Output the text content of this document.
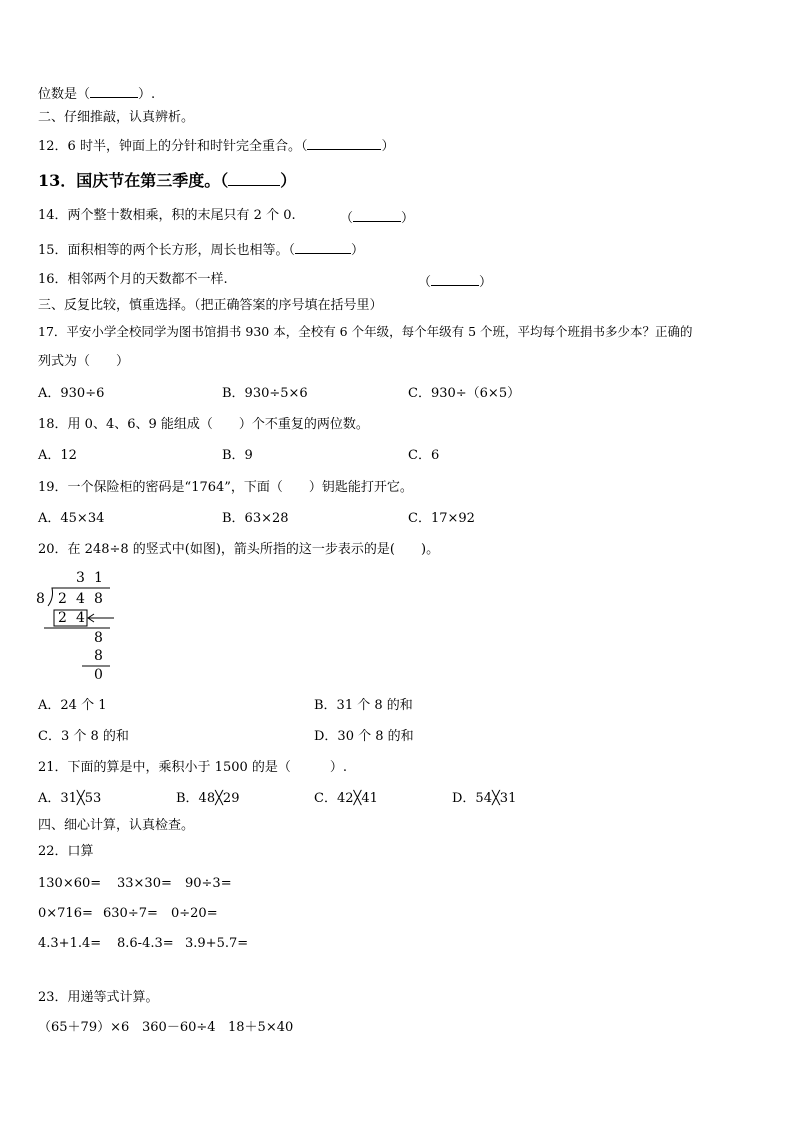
位数是（	）.
二、仔细推敲，认真辨析。
12．6 时半，钟面上的分针和时针完全重合。（	）
13．国庆节在第三季度。（	）
14．两个整十数相乘，积的末尾只有 2 个 0.	（	）
15．面积相等的两个长方形，周长也相等。（	）
16．相邻两个月的天数都不一样.	（	）
三、反复比较，慎重选择。（把正确答案的序号填在括号里）
17．平安小学全校同学为图书馆捐书 930 本，全校有 6 个年级，每个年级有 5 个班，平均每个班捐书多少本？正确的
列式为（　　）
A．930÷6	B．930÷5×6	C．930÷（6×5）
18．用 0、4、6、9 能组成（　　）个不重复的两位数。
A．12	B．9	C．6
19．一个保险柜的密码是“1764”，下面（　　）钥匙能打开它。
A．45×34	B．63×28	C．17×92
20．在 248÷8 的竖式中(如图)，箭头所指的这一步表示的是(　　)。
3 1
8 2 4 8
2 4
8
8
0
A．24 个 1	B．31 个 8 的和
C．3 个 8 的和	D．30 个 8 的和
21．下面的算是中，乘积小于 1500 的是（　　　）.
A．31╳53	B．48╳29	C．42╳41	D．54╳31
四、细心计算，认真检查。
22．口算
130×60= 33×30= 90÷3=
0×716= 630÷7= 0÷20=
4.3+1.4= 8.6-4.3= 3.9+5.7=
23．用递等式计算。
（65＋79）×6 360－60÷4 18＋5×40
